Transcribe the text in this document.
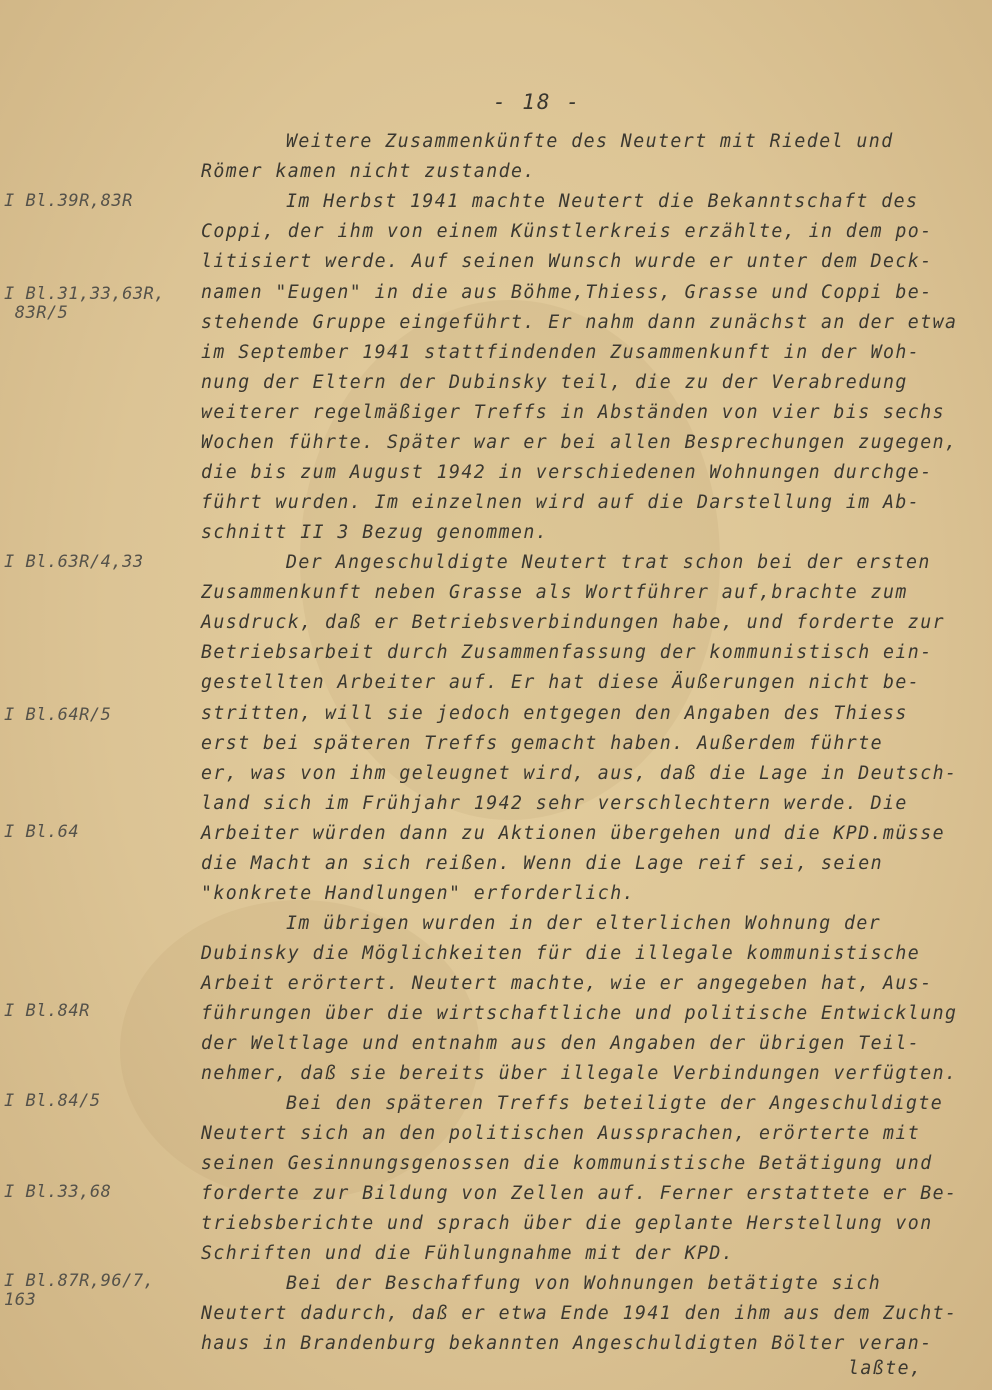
- 18 -
I Bl.39R,83R
I Bl.31,33,63R,
83R/5
I Bl.63R/4,33
I Bl.64R/5
I Bl.64
I Bl.84R
I Bl.84/5
I Bl.33,68
I Bl.87R,96/7,
163
Weitere Zusammenkünfte des Neutert mit Riedel und
Römer kamen nicht zustande.
Im Herbst 1941 machte Neutert die Bekanntschaft des
Coppi, der ihm von einem Künstlerkreis erzählte, in dem po-
litisiert werde. Auf seinen Wunsch wurde er unter dem Deck-
namen "Eugen" in die aus Böhme,Thiess, Grasse und Coppi be-
stehende Gruppe eingeführt. Er nahm dann zunächst an der etwa
im September 1941 stattfindenden Zusammenkunft in der Woh-
nung der Eltern der Dubinsky teil, die zu der Verabredung
weiterer regelmäßiger Treffs in Abständen von vier bis sechs
Wochen führte. Später war er bei allen Besprechungen zugegen,
die bis zum August 1942 in verschiedenen Wohnungen durchge-
führt wurden. Im einzelnen wird auf die Darstellung im Ab-
schnitt II 3 Bezug genommen.
Der Angeschuldigte Neutert trat schon bei der ersten
Zusammenkunft neben Grasse als Wortführer auf,brachte zum
Ausdruck, daß er Betriebsverbindungen habe, und forderte zur
Betriebsarbeit durch Zusammenfassung der kommunistisch ein-
gestellten Arbeiter auf. Er hat diese Äußerungen nicht be-
stritten, will sie jedoch entgegen den Angaben des Thiess
erst bei späteren Treffs gemacht haben. Außerdem führte
er, was von ihm geleugnet wird, aus, daß die Lage in Deutsch-
land sich im Frühjahr 1942 sehr verschlechtern werde. Die
Arbeiter würden dann zu Aktionen übergehen und die KPD.müsse
die Macht an sich reißen. Wenn die Lage reif sei, seien
"konkrete Handlungen" erforderlich.
Im übrigen wurden in der elterlichen Wohnung der
Dubinsky die Möglichkeiten für die illegale kommunistische
Arbeit erörtert. Neutert machte, wie er angegeben hat, Aus-
führungen über die wirtschaftliche und politische Entwicklung
der Weltlage und entnahm aus den Angaben der übrigen Teil-
nehmer, daß sie bereits über illegale Verbindungen verfügten.
Bei den späteren Treffs beteiligte der Angeschuldigte
Neutert sich an den politischen Aussprachen, erörterte mit
seinen Gesinnungsgenossen die kommunistische Betätigung und
forderte zur Bildung von Zellen auf. Ferner erstattete er Be-
triebsberichte und sprach über die geplante Herstellung von
Schriften und die Fühlungnahme mit der KPD.
Bei der Beschaffung von Wohnungen betätigte sich
Neutert dadurch, daß er etwa Ende 1941 den ihm aus dem Zucht-
haus in Brandenburg bekannten Angeschuldigten Bölter veran-
laßte,
